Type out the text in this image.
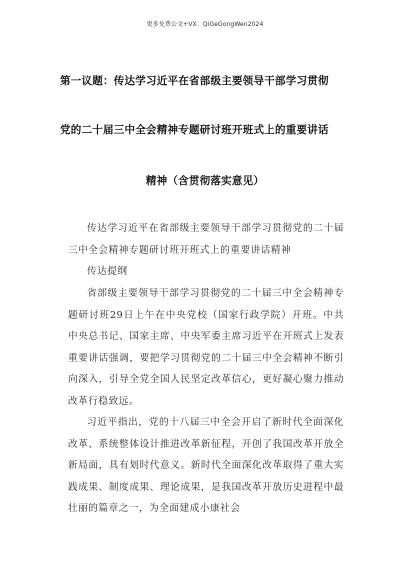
更多免费公文+VX：QiGeGongWen2024
第一议题：传达学习近平在省部级主要领导干部学习贯彻
党的二十届三中全会精神专题研讨班开班式上的重要讲话
精神（含贯彻落实意见）
传达学习近平在省部级主要领导干部学习贯彻党的二十届三中全会精神专题研讨班开班式上的重要讲话精神
传达提纲
省部级主要领导干部学习贯彻党的二十届三中全会精神专题研讨班29日上午在中央党校（国家行政学院）开班。中共中央总书记、国家主席、中央军委主席习近平在开班式上发表重要讲话强调，要把学习贯彻党的二十届三中全会精神不断引向深入，引导全党全国人民坚定改革信心，更好凝心聚力推动改革行稳致远。
习近平指出，党的十八届三中全会开启了新时代全面深化改革、系统整体设计推进改革新征程，开创了我国改革开放全新局面，具有划时代意义。新时代全面深化改革取得了重大实践成果、制度成果、理论成果，是我国改革开放历史进程中最壮丽的篇章之一，为全面建成小康社会
